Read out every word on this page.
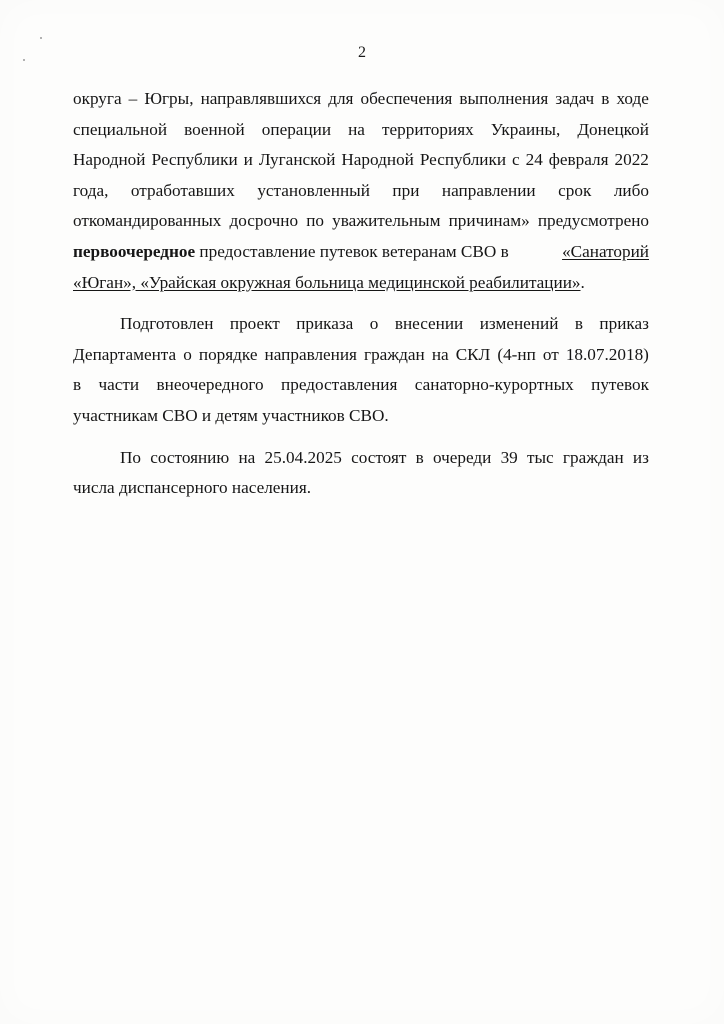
2
округа – Югры, направлявшихся для обеспечения выполнения задач в ходе
специальной военной операции на территориях Украины, Донецкой
Народной Республики и Луганской Народной Республики с 24 февраля 2022
года, отработавших установленный при направлении срок либо
откомандированных досрочно по уважительным причинам» предусмотрено
первоочередное предоставление путевок ветеранам СВО в	«Санаторий
«Юган», «Урайская окружная больница медицинской реабилитации».
Подготовлен проект приказа о внесении изменений в приказ
Департамента о порядке направления граждан на СКЛ (4-нп от 18.07.2018)
в части внеочередного предоставления санаторно-курортных путевок
участникам СВО и детям участников СВО.
По состоянию на 25.04.2025 состоят в очереди 39 тыс граждан из
числа диспансерного населения.
